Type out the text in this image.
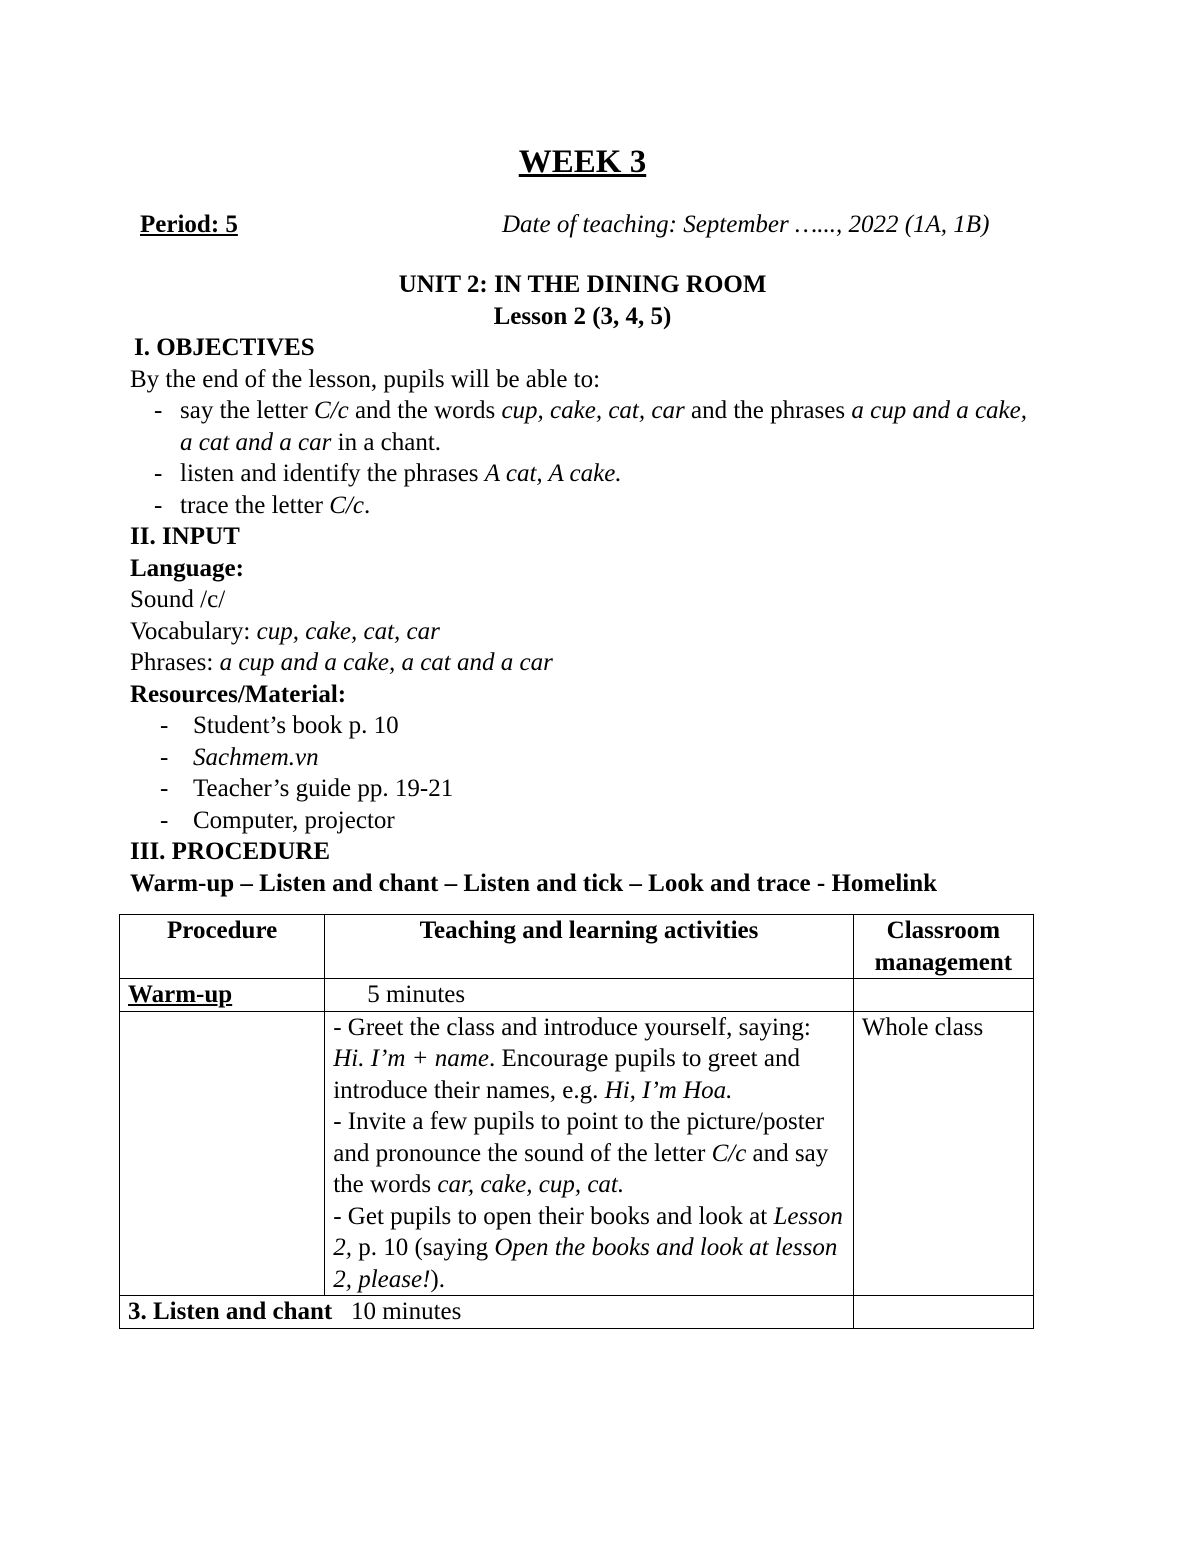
WEEK 3
Period: 5	Date of teaching: September …..., 2022 (1A, 1B)
UNIT 2: IN THE DINING ROOM
Lesson 2 (3, 4, 5)
I. OBJECTIVES
By the end of the lesson, pupils will be able to:
- say the letter C/c and the words cup, cake, cat, car and the phrases a cup and a cake, a cat and a car in a chant.
- listen and identify the phrases A cat, A cake.
- trace the letter C/c.
II. INPUT
Language:
Sound /c/
Vocabulary: cup, cake, cat, car
Phrases: a cup and a cake, a cat and a car
Resources/Material:
- Student’s book p. 10
- Sachmem.vn
- Teacher’s guide pp. 19-21
- Computer, projector
III. PROCEDURE
Warm-up – Listen and chant – Listen and tick – Look and trace - Homelink
Procedure	Teaching and learning activities	Classroom management
Warm-up	5 minutes	

	- Greet the class and introduce yourself, saying: Hi. I’m + name. Encourage pupils to greet and introduce their names, e.g. Hi, I’m Hoa.
- Invite a few pupils to point to the picture/poster and pronounce the sound of the letter C/c and say the words car, cake, cup, cat.
- Get pupils to open their books and look at Lesson 2, p. 10 (saying Open the books and look at lesson 2, please!).	Whole class
3. Listen and chant 10 minutes		
